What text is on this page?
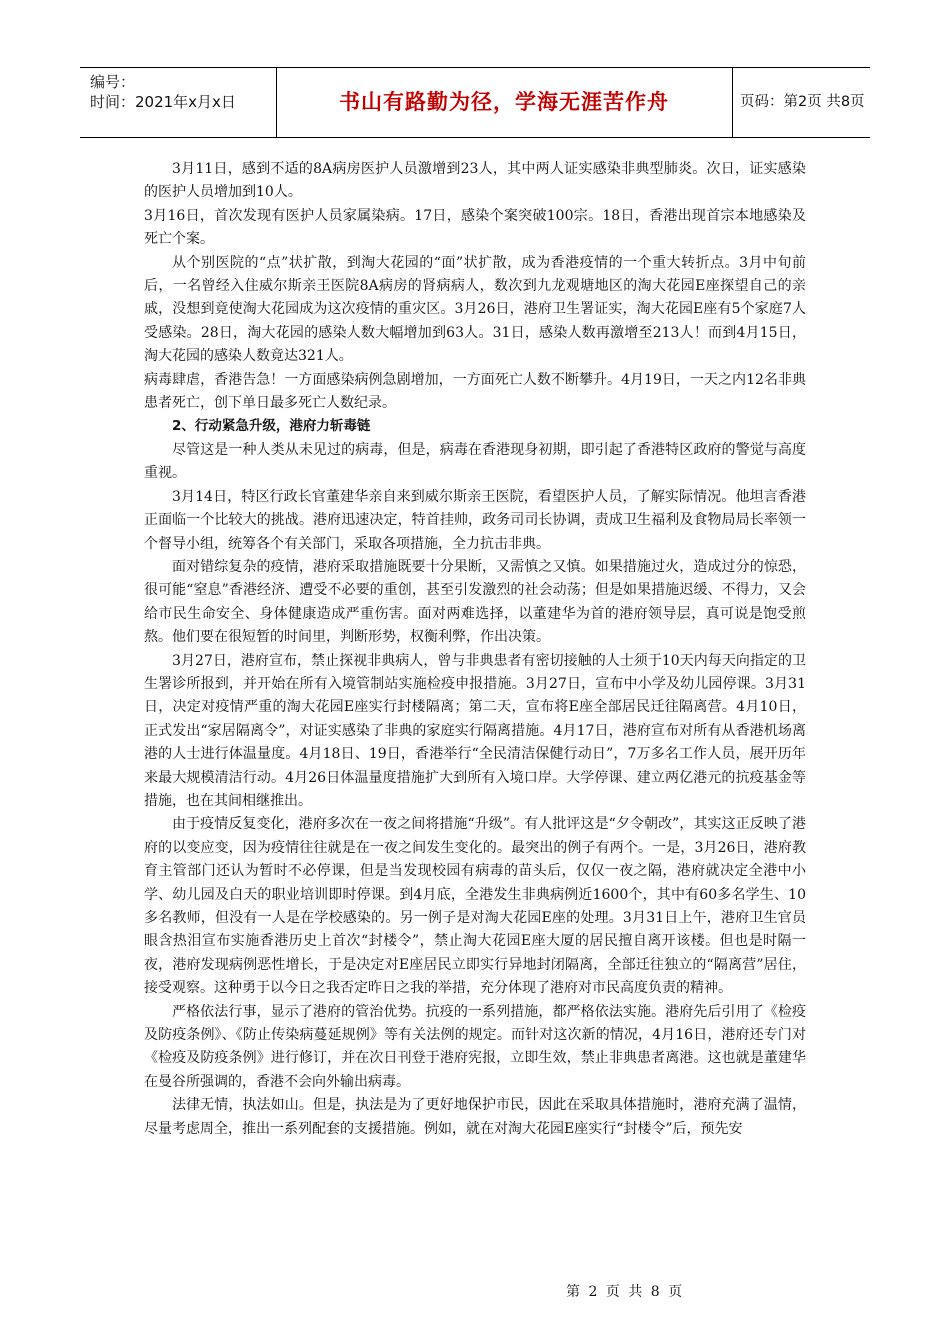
编号：
时间：2021年x月x日	书山有路勤为径，学海无涯苦作舟	页码：第2页 共8页

3月11日，感到不适的8A病房医护人员激增到23人，其中两人证实感染非典型肺炎。次日，证实感染的医护人员增加到10人。

3月16日，首次发现有医护人员家属染病。17日，感染个案突破100宗。18日，香港出现首宗本地感染及死亡个案。

从个别医院的“点”状扩散，到淘大花园的“面”状扩散，成为香港疫情的一个重大转折点。3月中旬前后，一名曾经入住威尔斯亲王医院8A病房的肾病病人，数次到九龙观塘地区的淘大花园E座探望自己的亲戚，没想到竟使淘大花园成为这次疫情的重灾区。3月26日，港府卫生署证实，淘大花园E座有5个家庭7人受感染。28日，淘大花园的感染人数大幅增加到63人。31日，感染人数再激增至213人！而到4月15日，淘大花园的感染人数竟达321人。

病毒肆虐，香港告急！一方面感染病例急剧增加，一方面死亡人数不断攀升。4月19日，一天之内12名非典患者死亡，创下单日最多死亡人数纪录。

2、行动紧急升级，港府力斩毒链

尽管这是一种人类从未见过的病毒，但是，病毒在香港现身初期，即引起了香港特区政府的警觉与高度重视。

3月14日，特区行政长官董建华亲自来到威尔斯亲王医院，看望医护人员，了解实际情况。他坦言香港正面临一个比较大的挑战。港府迅速决定，特首挂帅，政务司司长协调，责成卫生福利及食物局局长率领一个督导小组，统筹各个有关部门，采取各项措施，全力抗击非典。

面对错综复杂的疫情，港府采取措施既要十分果断，又需慎之又慎。如果措施过火，造成过分的惊恐，很可能“窒息”香港经济、遭受不必要的重创，甚至引发激烈的社会动荡；但是如果措施迟缓、不得力，又会给市民生命安全、身体健康造成严重伤害。面对两难选择，以董建华为首的港府领导层，真可说是饱受煎熬。他们要在很短暂的时间里，判断形势，权衡利弊，作出决策。

3月27日，港府宣布，禁止探视非典病人，曾与非典患者有密切接触的人士须于10天内每天向指定的卫生署诊所报到，并开始在所有入境管制站实施检疫申报措施。3月27日，宣布中小学及幼儿园停课。3月31日，决定对疫情严重的淘大花园E座实行封楼隔离；第二天，宣布将E座全部居民迁往隔离营。4月10日，正式发出“家居隔离令”，对证实感染了非典的家庭实行隔离措施。4月17日，港府宣布对所有从香港机场离港的人士进行体温量度。4月18日、19日，香港举行“全民清洁保健行动日”，7万多名工作人员，展开历年来最大规模清洁行动。4月26日体温量度措施扩大到所有入境口岸。大学停课、建立两亿港元的抗疫基金等措施，也在其间相继推出。

由于疫情反复变化，港府多次在一夜之间将措施“升级”。有人批评这是“夕令朝改”，其实这正反映了港府的以变应变，因为疫情往往就是在一夜之间发生变化的。最突出的例子有两个。一是，3月26日，港府教育主管部门还认为暂时不必停课，但是当发现校园有病毒的苗头后，仅仅一夜之隔，港府就决定全港中小学、幼儿园及白天的职业培训即时停课。到4月底，全港发生非典病例近1600个，其中有60多名学生、10多名教师，但没有一人是在学校感染的。另一例子是对淘大花园E座的处理。3月31日上午，港府卫生官员眼含热泪宣布实施香港历史上首次“封楼令”，禁止淘大花园E座大厦的居民擅自离开该楼。但也是时隔一夜，港府发现病例恶性增长，于是决定对E座居民立即实行异地封闭隔离，全部迁往独立的“隔离营”居住，接受观察。这种勇于以今日之我否定昨日之我的举措，充分体现了港府对市民高度负责的精神。

严格依法行事，显示了港府的管治优势。抗疫的一系列措施，都严格依法实施。港府先后引用了《检疫及防疫条例》、《防止传染病蔓延规例》等有关法例的规定。而针对这次新的情况，4月16日，港府还专门对《检疫及防疫条例》进行修订，并在次日刊登于港府宪报，立即生效，禁止非典患者离港。这也就是董建华在曼谷所强调的，香港不会向外输出病毒。

法律无情，执法如山。但是，执法是为了更好地保护市民，因此在采取具体措施时，港府充满了温情，尽量考虑周全，推出一系列配套的支援措施。例如，就在对淘大花园E座实行“封楼令”后，预先安

第 2 页 共 8 页
